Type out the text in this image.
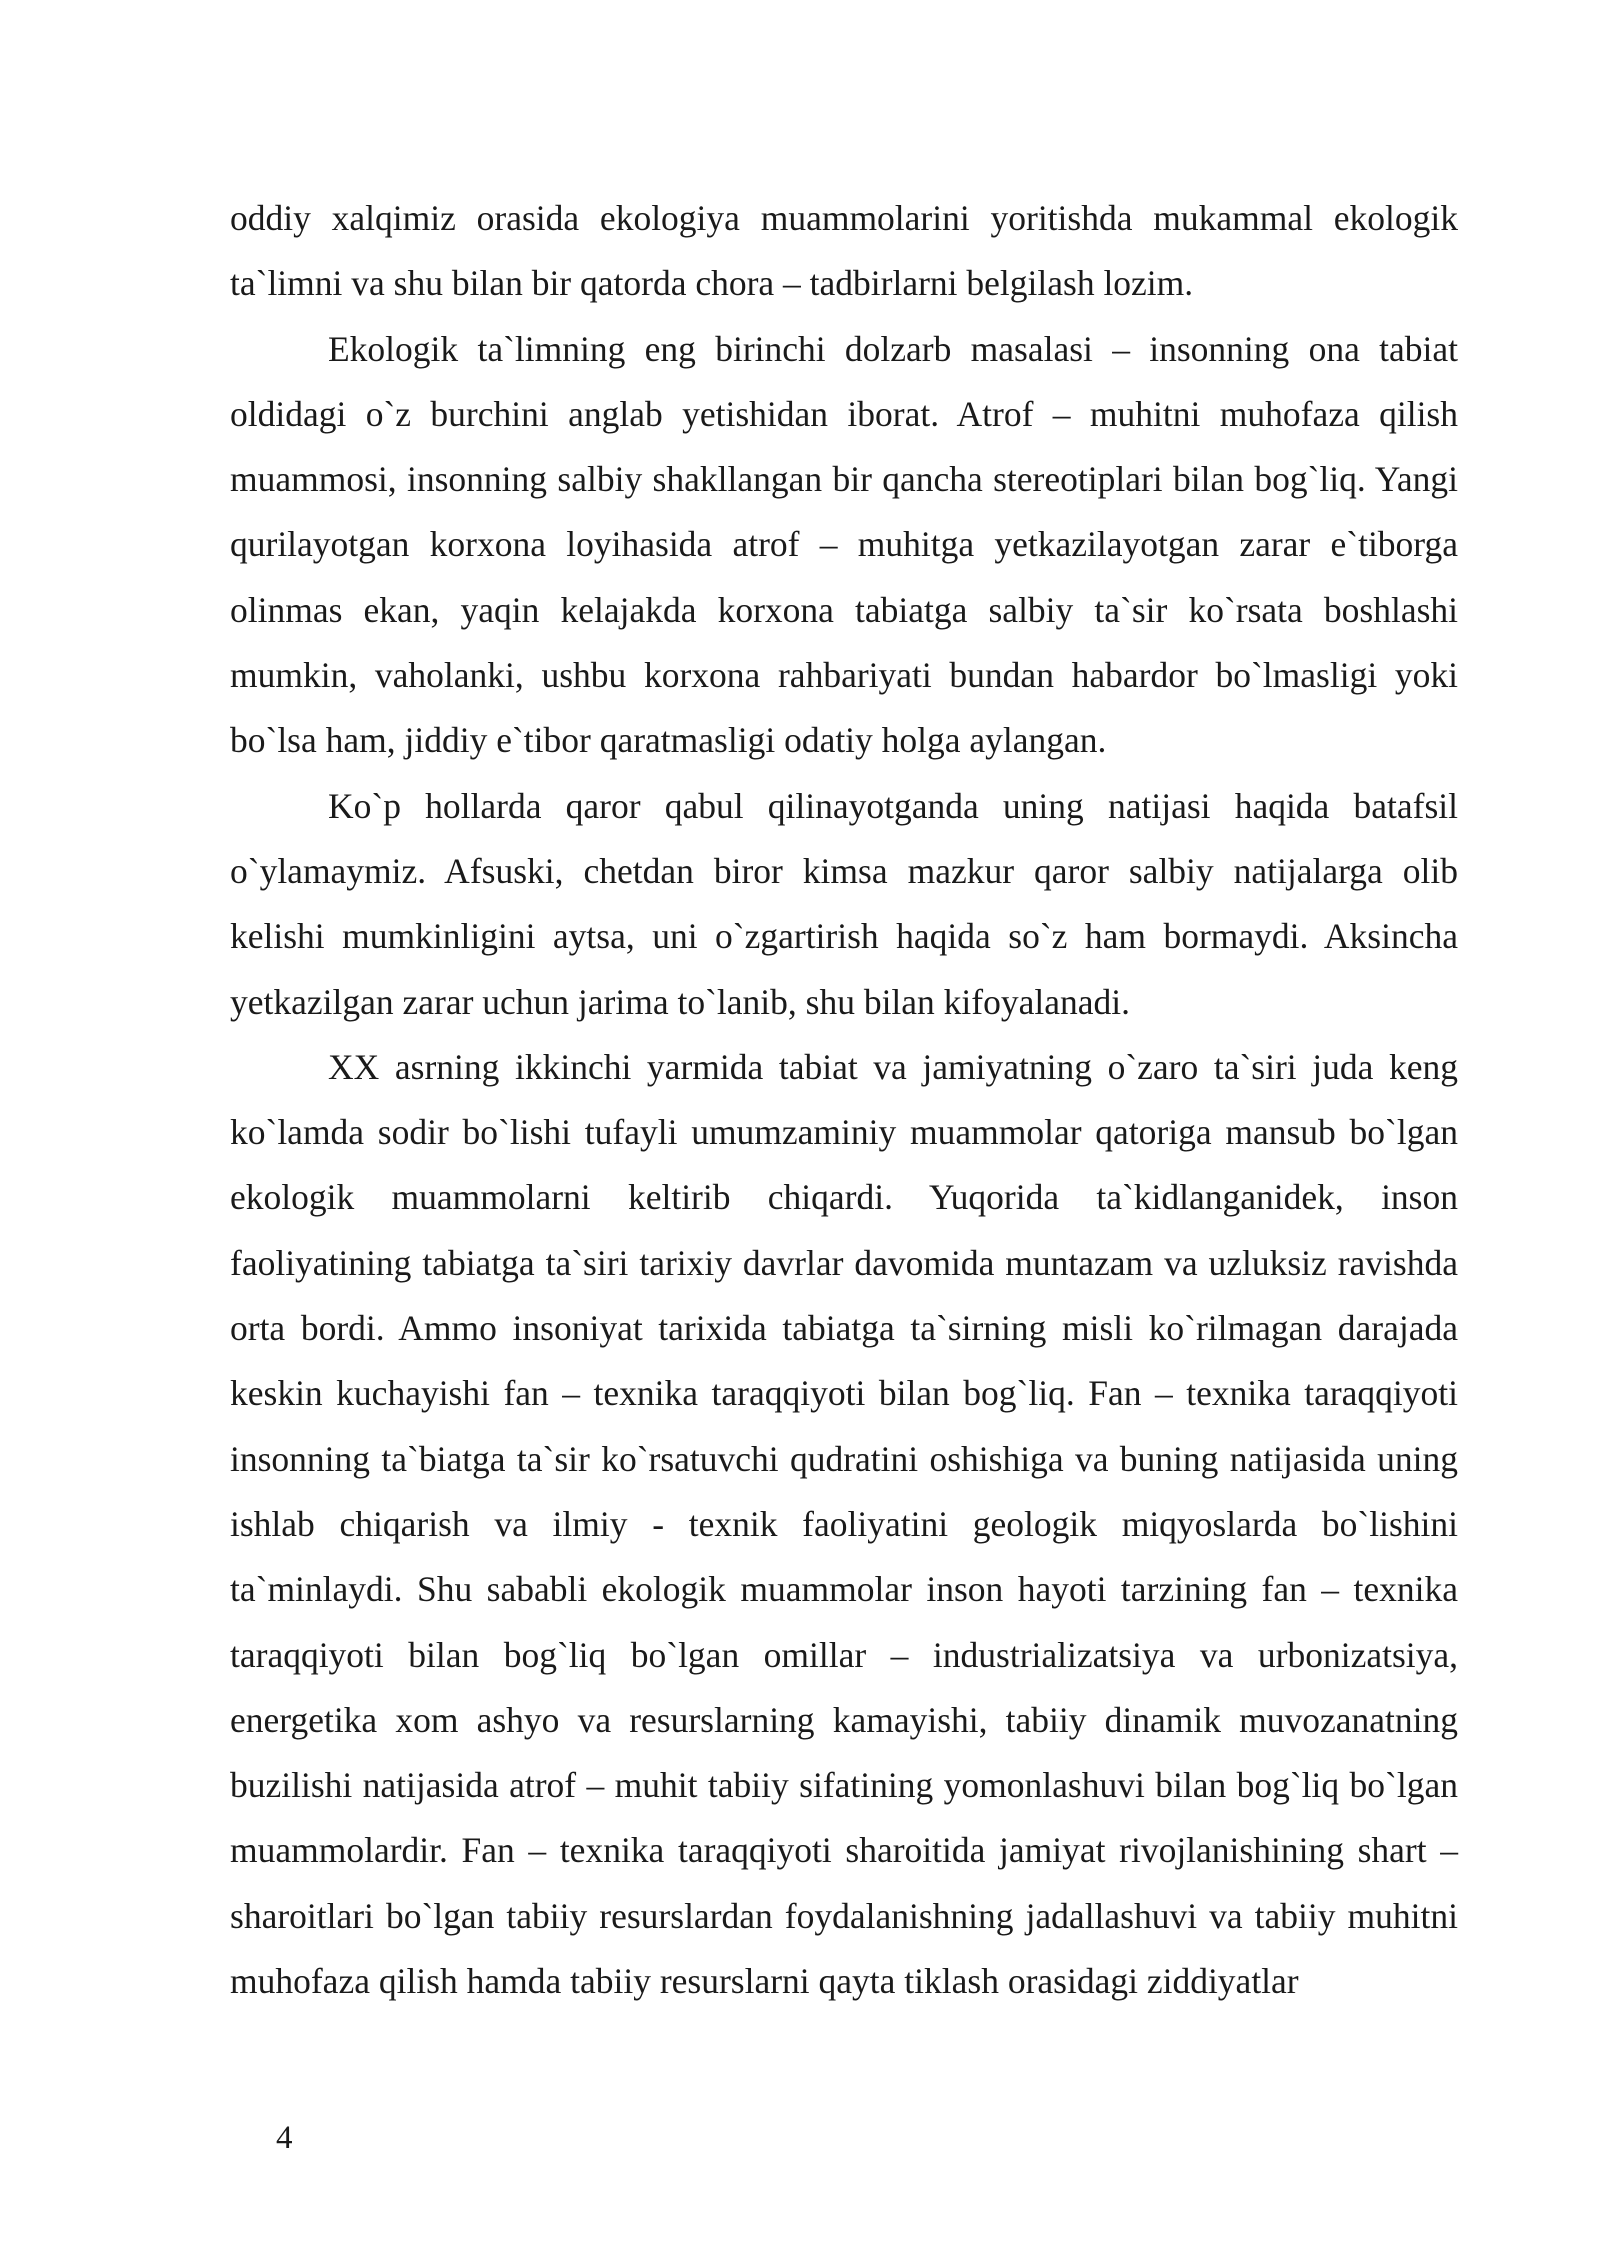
oddiy xalqimiz orasida ekologiya muammolarini yoritishda mukammal ekologik ta`limni va shu bilan bir qatorda chora – tadbirlarni belgilash lozim.

Ekologik ta`limning eng birinchi dolzarb masalasi – insonning ona tabiat oldidagi o`z burchini anglab yetishidan iborat. Atrof – muhitni muhofaza qilish muammosi, insonning salbiy shakllangan bir qancha stereotiplari bilan bog`liq. Yangi qurilayotgan korxona loyihasida atrof – muhitga yetkazilayotgan zarar e`tiborga olinmas ekan, yaqin kelajakda korxona tabiatga salbiy ta`sir ko`rsata boshlashi mumkin, vaholanki, ushbu korxona rahbariyati bundan habardor bo`lmasligi yoki bo`lsa ham, jiddiy e`tibor qaratmasligi odatiy holga aylangan.

Ko`p hollarda qaror qabul qilinayotganda uning natijasi haqida batafsil o`ylamaymiz. Afsuski, chetdan biror kimsa mazkur qaror salbiy natijalarga olib kelishi mumkinligini aytsa, uni o`zgartirish haqida so`z ham bormaydi. Aksincha yetkazilgan zarar uchun jarima to`lanib, shu bilan kifoyalanadi.

XX asrning ikkinchi yarmida tabiat va jamiyatning o`zaro ta`siri juda keng ko`lamda sodir bo`lishi tufayli umumzaminiy muammolar qatoriga mansub bo`lgan ekologik muammolarni keltirib chiqardi. Yuqorida ta`kidlanganidek, inson faoliyatining tabiatga ta`siri tarixiy davrlar davomida muntazam va uzluksiz ravishda orta bordi. Ammo insoniyat tarixida tabiatga ta`sirning misli ko`rilmagan darajada keskin kuchayishi fan – texnika taraqqiyoti bilan bog`liq. Fan – texnika taraqqiyoti insonning ta`biatga ta`sir ko`rsatuvchi qudratini oshishiga va buning natijasida uning ishlab chiqarish va ilmiy - texnik faoliyatini geologik miqyoslarda bo`lishini ta`minlaydi. Shu sababli ekologik muammolar inson hayoti tarzining fan – texnika taraqqiyoti bilan bog`liq bo`lgan omillar – industrializatsiya va urbonizatsiya, energetika xom ashyo va resurslarning kamayishi, tabiiy dinamik muvozanatning buzilishi natijasida atrof – muhit tabiiy sifatining yomonlashuvi bilan bog`liq bo`lgan muammolardir. Fan – texnika taraqqiyoti sharoitida jamiyat rivojlanishining shart – sharoitlari bo`lgan tabiiy resurslardan foydalanishning jadallashuvi va tabiiy muhitni muhofaza qilish hamda tabiiy resurslarni qayta tiklash orasidagi ziddiyatlar

4
